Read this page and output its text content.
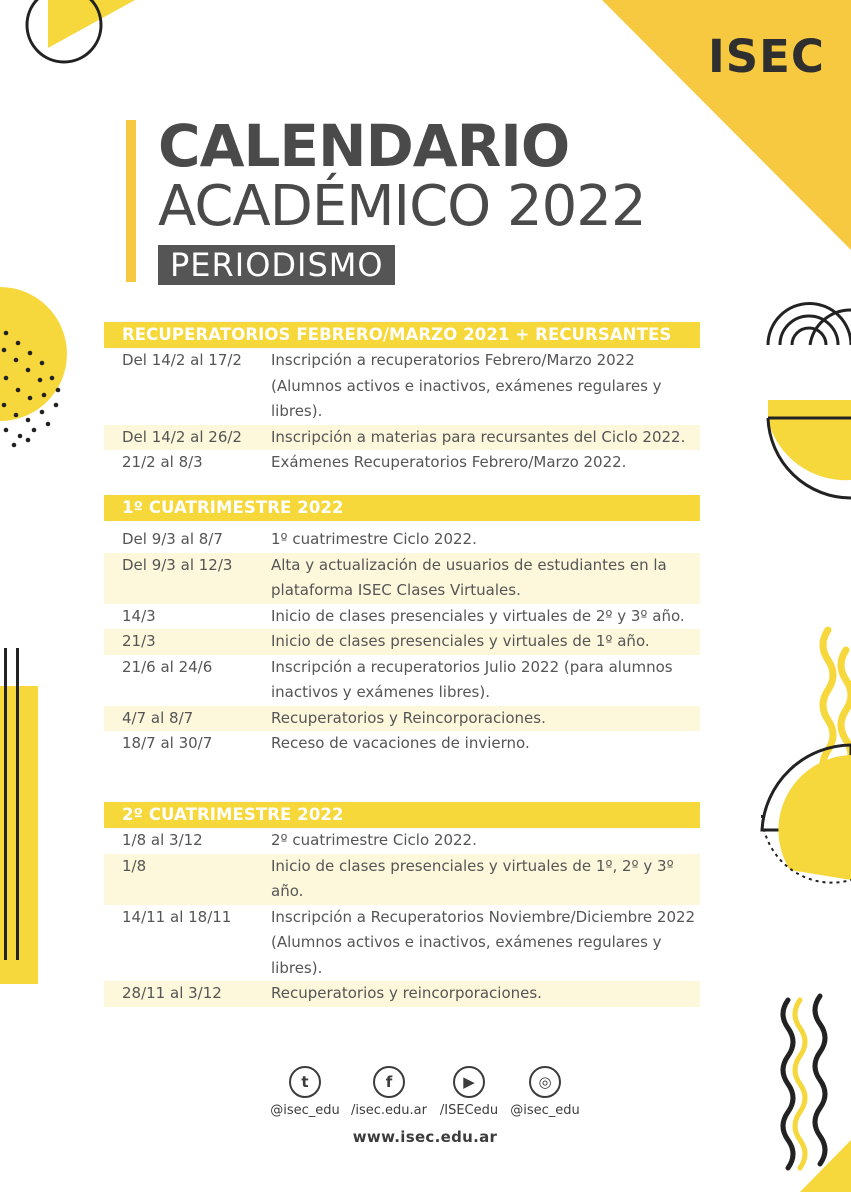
ISEC
CALENDARIO
ACADÉMICO 2022
PERIODISMO
RECUPERATORIOS FEBRERO/MARZO 2021 + RECURSANTES
Del 14/2 al 17/2	Inscripción a recuperatorios Febrero/Marzo 2022 (Alumnos activos e inactivos, exámenes regulares y libres).
Del 14/2 al 26/2	Inscripción a materias para recursantes del Ciclo 2022.
21/2 al 8/3	Exámenes Recuperatorios Febrero/Marzo 2022.
1º CUATRIMESTRE 2022
Del 9/3 al 8/7	1º cuatrimestre Ciclo 2022.
Del 9/3 al 12/3	Alta y actualización de usuarios de estudiantes en la plataforma ISEC Clases Virtuales.
14/3	Inicio de clases presenciales y virtuales de 2º y 3º año.
21/3	Inicio de clases presenciales y virtuales de 1º año.
21/6 al 24/6	Inscripción a recuperatorios Julio 2022 (para alumnos inactivos y exámenes libres).
4/7 al 8/7	Recuperatorios y Reincorporaciones.
18/7 al 30/7	Receso de vacaciones de invierno.
2º CUATRIMESTRE 2022
1/8 al 3/12	2º cuatrimestre Ciclo 2022.
1/8	Inicio de clases presenciales y virtuales de 1º, 2º y 3º año.
14/11 al 18/11	Inscripción a Recuperatorios Noviembre/Diciembre 2022 (Alumnos activos e inactivos, exámenes regulares y libres).
28/11 al 3/12	Recuperatorios y reincorporaciones.
t
@isec_edu
f
/isec.edu.ar
▶
/ISECedu
◎
@isec_edu
www.isec.edu.ar
